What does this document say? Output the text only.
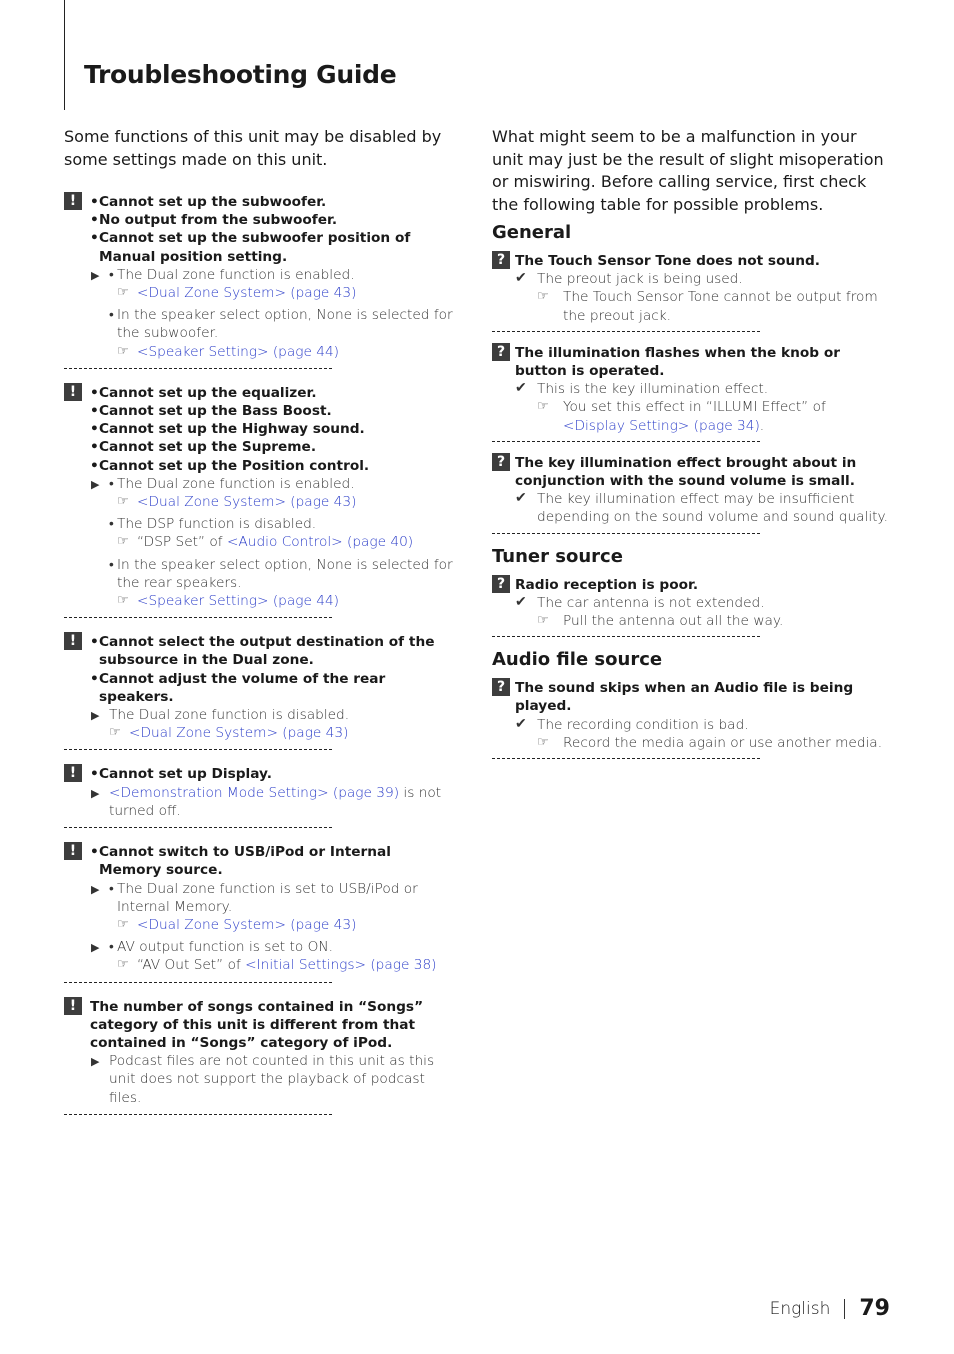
Troubleshooting Guide

Some functions of this unit may be disabled by some settings made on this unit.

!	• Cannot set up the subwoofer.
• No output from the subwoofer.
• Cannot set up the subwoofer position of Manual position setting.
• ▶ The Dual zone function is enabled.
☞ <Dual Zone System> (page 43)
• In the speaker select option, None is selected for the subwoofer.
☞ <Speaker Setting> (page 44)
!	• Cannot set up the equalizer.
• Cannot set up the Bass Boost.
• Cannot set up the Highway sound.
• Cannot set up the Supreme.
• Cannot set up the Position control.
• ▶ The Dual zone function is enabled.
☞ <Dual Zone System> (page 43)
• The DSP function is disabled.
☞ “DSP Set” of <Audio Control> (page 40)
• In the speaker select option, None is selected for the rear speakers.
☞ <Speaker Setting> (page 44)
!	• Cannot select the output destination of the subsource in the Dual zone.
• Cannot adjust the volume of the rear speakers.
▶ The Dual zone function is disabled.
☞ <Dual Zone System> (page 43)
!	• Cannot set up Display.
▶ <Demonstration Mode Setting> (page 39) is not turned off.
!	• Cannot switch to USB/iPod or Internal Memory source.
• ▶ The Dual zone function is set to USB/iPod or Internal Memory.
☞ <Dual Zone System> (page 43)
• ▶ AV output function is set to ON.
☞ “AV Out Set” of <Initial Settings> (page 38)
!	The number of songs contained in “Songs” category of this unit is different from that contained in “Songs” category of iPod.
▶ Podcast files are not counted in this unit as this unit does not support the playback of podcast files.

What might seem to be a malfunction in your unit may just be the result of slight misoperation or miswiring. Before calling service, first check the following table for possible problems.

General
? The Touch Sensor Tone does not sound.
✔ The preout jack is being used.
☞ The Touch Sensor Tone cannot be output from the preout jack.
? The illumination flashes when the knob or button is operated.
✔ This is the key illumination effect.
☞ You set this effect in “ILLUMI Effect” of <Display Setting> (page 34).
? The key illumination effect brought about in conjunction with the sound volume is small.
✔ The key illumination effect may be insufficient depending on the sound volume and sound quality.
Tuner source
? Radio reception is poor.
✔ The car antenna is not extended.
☞ Pull the antenna out all the way.
Audio file source
? The sound skips when an Audio file is being played.
✔ The recording condition is bad.
☞ Record the media again or use another media.
English 79
